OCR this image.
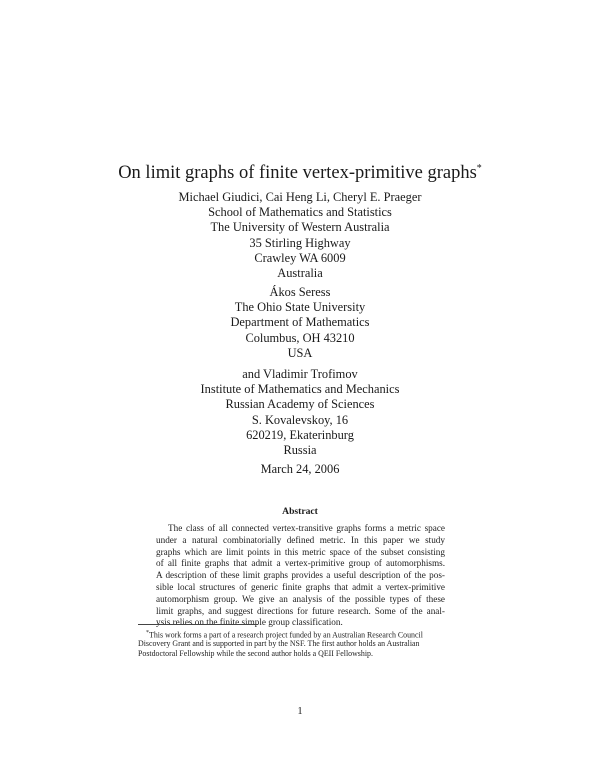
On limit graphs of finite vertex-primitive graphs*
Michael Giudici, Cai Heng Li, Cheryl E. Praeger
School of Mathematics and Statistics
The University of Western Australia
35 Stirling Highway
Crawley WA 6009
Australia
Ákos Seress
The Ohio State University
Department of Mathematics
Columbus, OH 43210
USA
and Vladimir Trofimov
Institute of Mathematics and Mechanics
Russian Academy of Sciences
S. Kovalevskoy, 16
620219, Ekaterinburg
Russia
March 24, 2006
Abstract
The class of all connected vertex-transitive graphs forms a metric space
under a natural combinatorially defined metric. In this paper we study
graphs which are limit points in this metric space of the subset consisting
of all finite graphs that admit a vertex-primitive group of automorphisms.
A description of these limit graphs provides a useful description of the pos-
sible local structures of generic finite graphs that admit a vertex-primitive
automorphism group. We give an analysis of the possible types of these
limit graphs, and suggest directions for future research. Some of the anal-
ysis relies on the finite simple group classification.
*This work forms a part of a research project funded by an Australian Research Council
Discovery Grant and is supported in part by the NSF. The first author holds an Australian
Postdoctoral Fellowship while the second author holds a QEII Fellowship.
1
